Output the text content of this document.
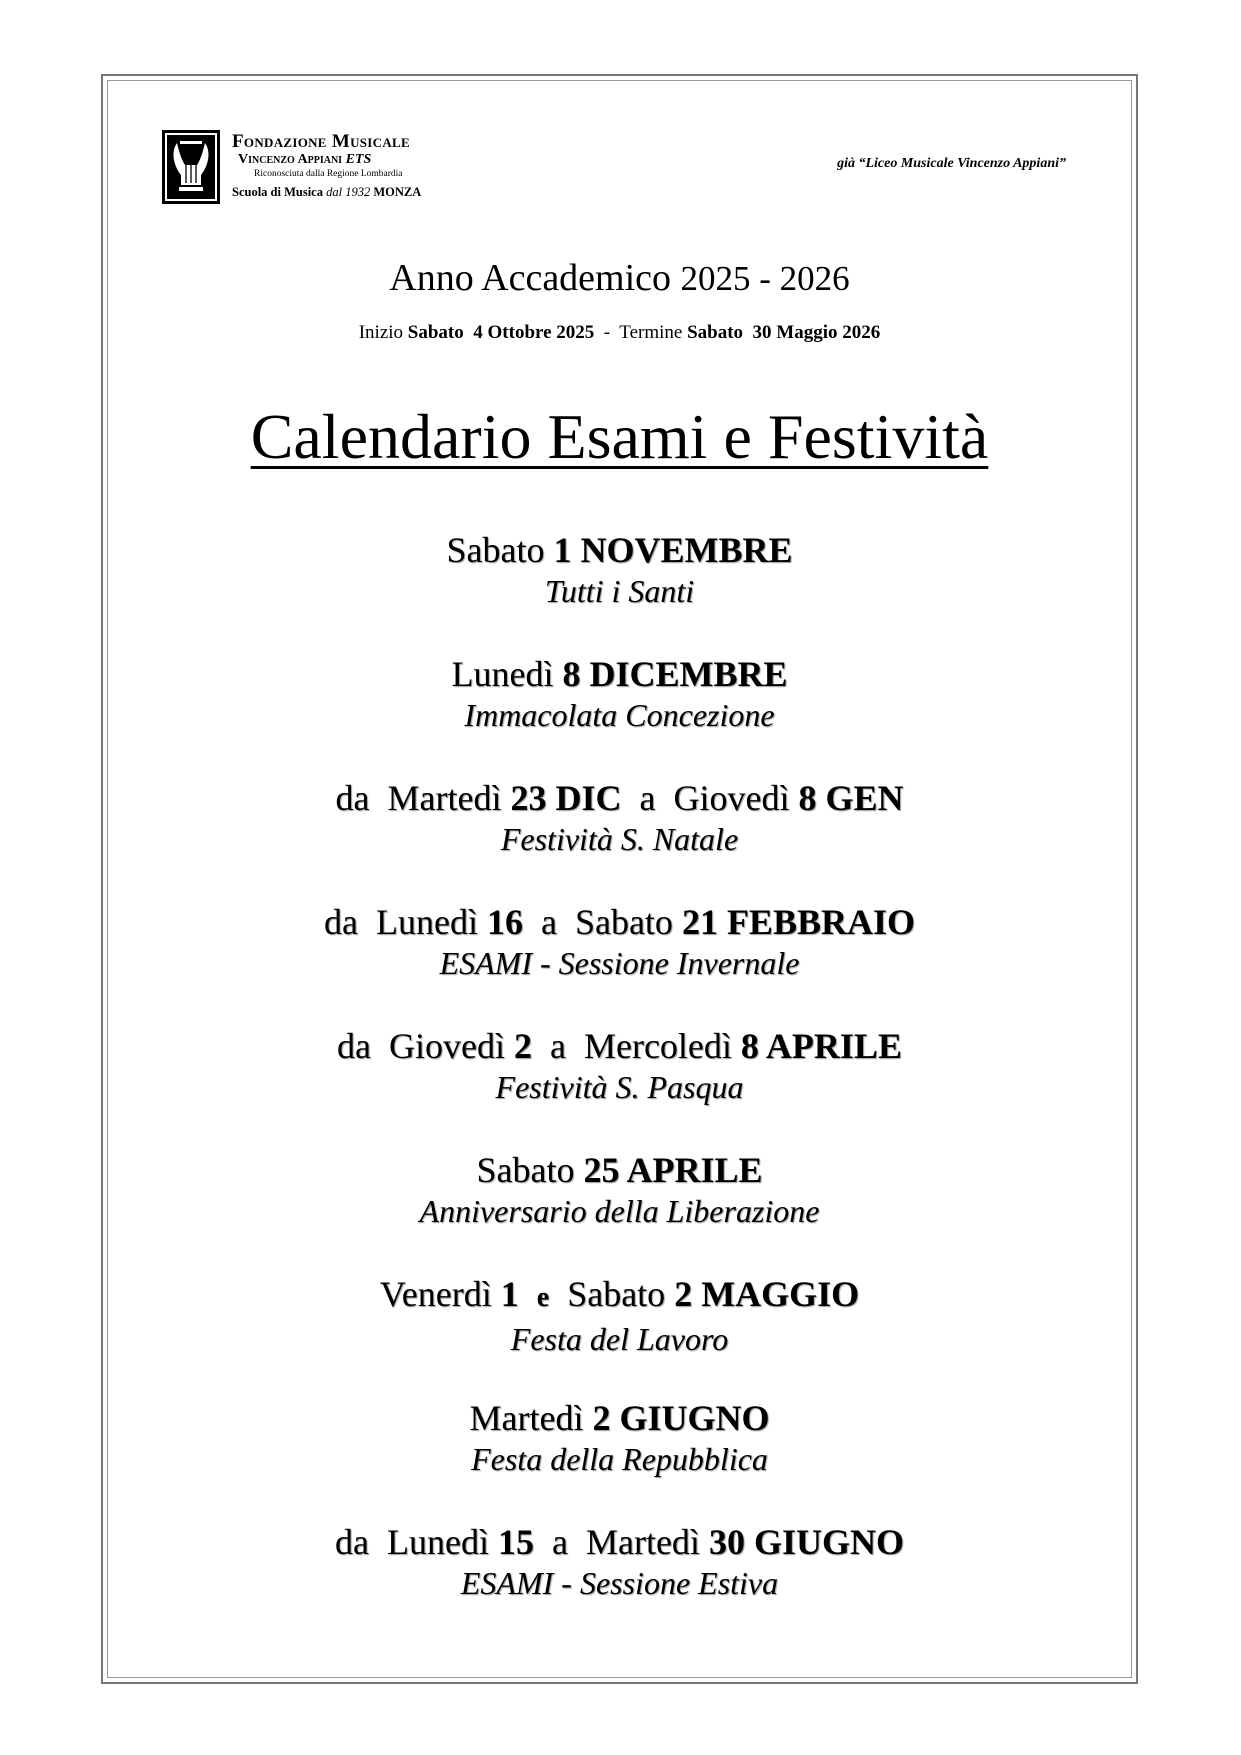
Fondazione Musicale
Vincenzo Appiani ETS
Riconosciuta dalla Regione Lombardia
Scuola di Musica dal 1932 MONZA
già “Liceo Musicale Vincenzo Appiani”
Anno Accademico 2025 - 2026
Inizio Sabato 4 Ottobre 2025 - Termine Sabato 30 Maggio 2026
Calendario Esami e Festività
Sabato 1 NOVEMBRE
Tutti i Santi
Lunedì 8 DICEMBRE
Immacolata Concezione
da  Martedì 23 DIC a  Giovedì 8 GEN
Festività S. Natale
da  Lunedì 16 a  Sabato 21 FEBBRAIO
ESAMI - Sessione Invernale
da  Giovedì 2 a  Mercoledì 8 APRILE
Festività S. Pasqua
Sabato 25 APRILE
Anniversario della Liberazione
Venerdì 1 e Sabato 2 MAGGIO
Festa del Lavoro
Martedì 2 GIUGNO
Festa della Repubblica
da  Lunedì 15 a  Martedì 30 GIUGNO
ESAMI - Sessione Estiva
